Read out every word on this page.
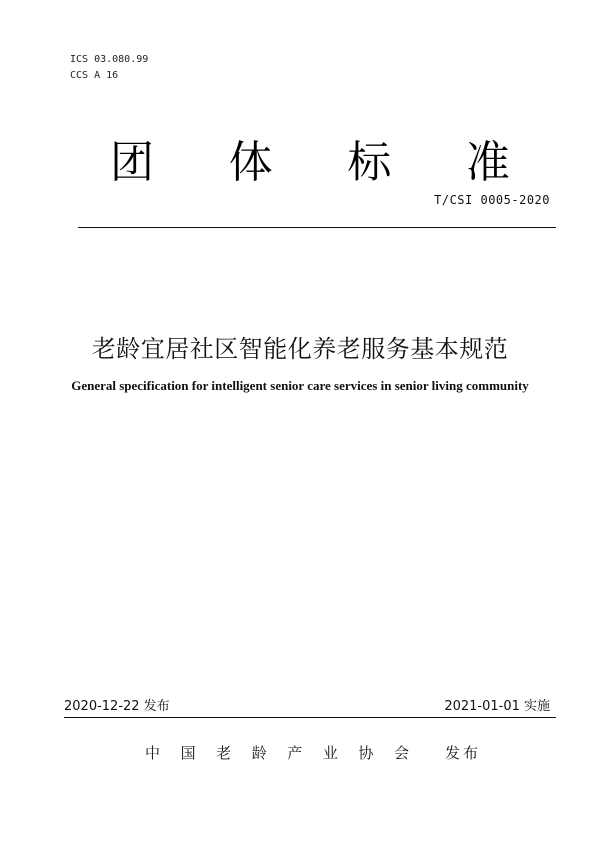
ICS 03.080.99
CCS A 16
团 体 标 准
T/CSI 0005-2020
老龄宜居社区智能化养老服务基本规范
General specification for intelligent senior care services in senior living community
2020-12-22 发布	2021-01-01 实施
中 国 老 龄 产 业 协 会 发布
